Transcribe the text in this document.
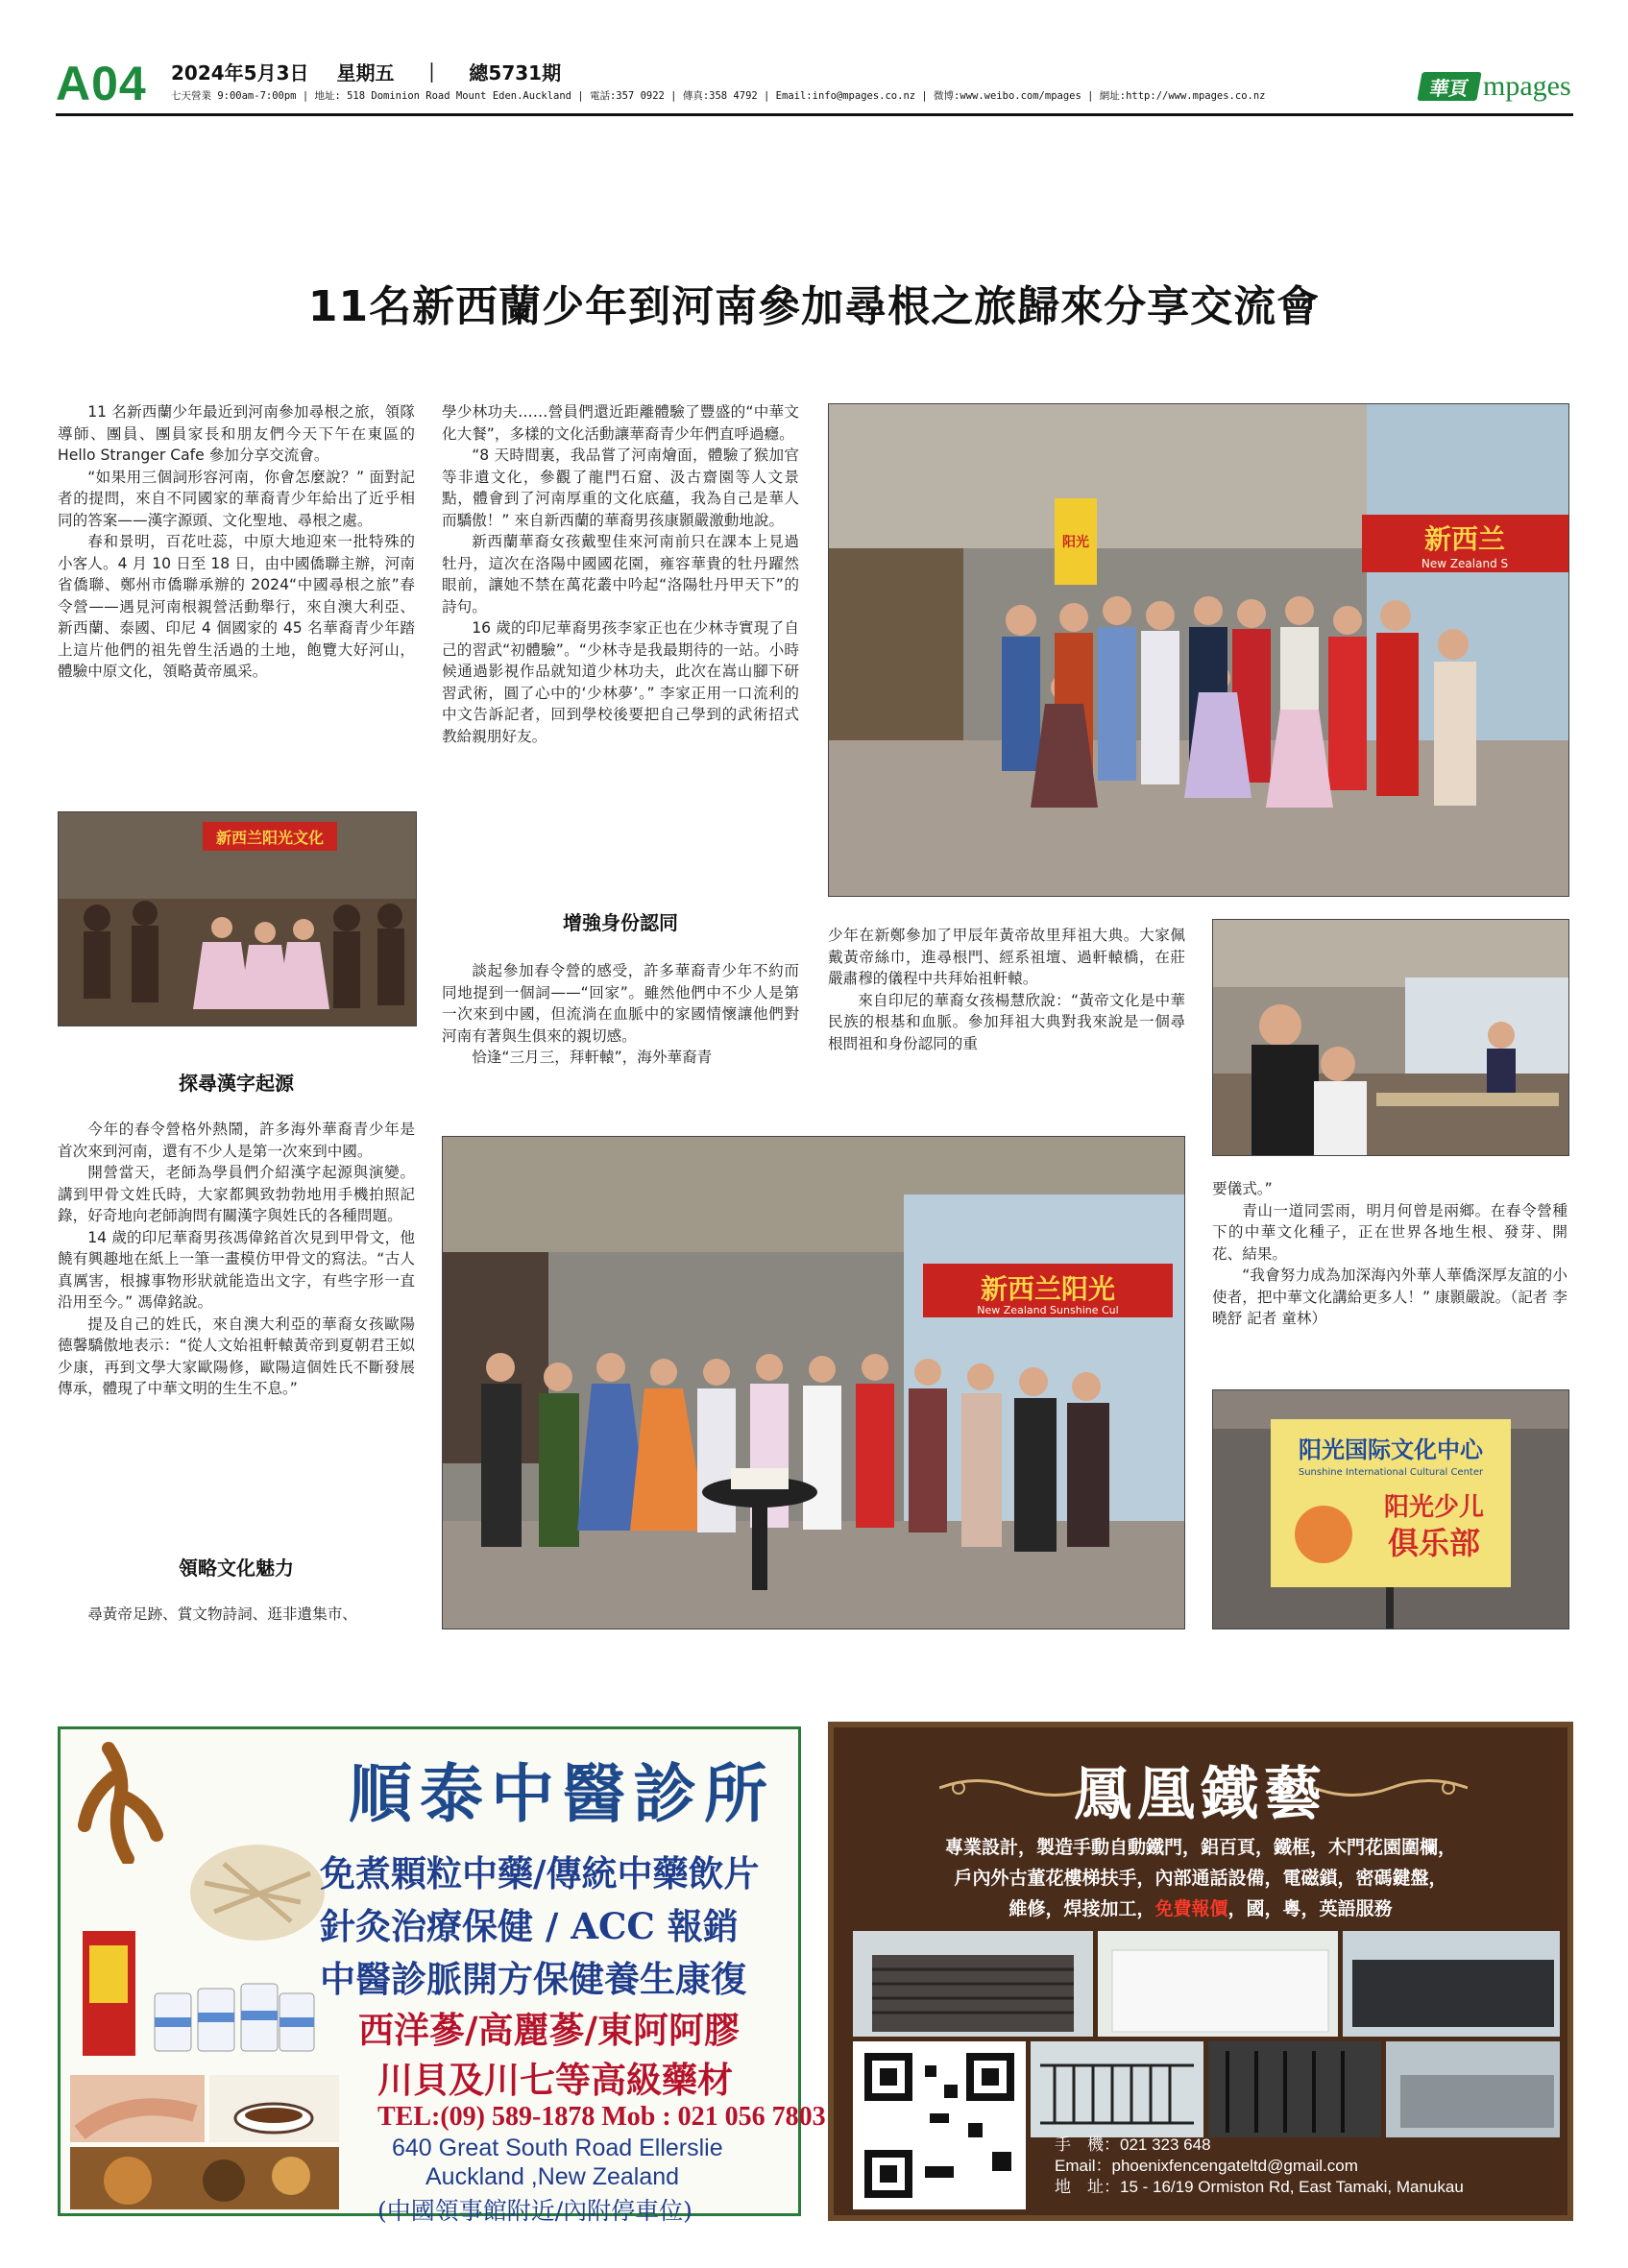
A04 2024年5月3日 星期五 ｜ 總5731期
七天營業 9:00am-7:00pm | 地址: 518 Dominion Road Mount Eden.Auckland | 電話:357 0922 | 傳真:358 4792 | Email:info@mpages.co.nz | 微博:www.weibo.com/mpages | 網址:http://www.mpages.co.nz	華頁 mpages
11名新西蘭少年到河南參加尋根之旅歸來分享交流會

11 名新西蘭少年最近到河南參加尋根之旅，領隊導師、團員、團員家長和朋友們今天下午在東區的 Hello Stranger Cafe 參加分享交流會。

“如果用三個詞形容河南，你會怎麼說？” 面對記者的提問，來自不同國家的華裔青少年給出了近乎相同的答案——漢字源頭、文化聖地、尋根之處。

春和景明，百花吐蕊，中原大地迎來一批特殊的小客人。4 月 10 日至 18 日，由中國僑聯主辦，河南省僑聯、鄭州市僑聯承辦的 2024“中國尋根之旅”春令營——遇見河南根親營活動舉行，來自澳大利亞、新西蘭、泰國、印尼 4 個國家的 45 名華裔青少年踏上這片他們的祖先曾生活過的土地，飽覽大好河山，體驗中原文化，領略黃帝風采。

新西兰阳光文化
探尋漢字起源

今年的春令營格外熱鬧，許多海外華裔青少年是首次來到河南，還有不少人是第一次來到中國。

開營當天，老師為學員們介紹漢字起源與演變。講到甲骨文姓氏時，大家都興致勃勃地用手機拍照記錄，好奇地向老師詢問有關漢字與姓氏的各種問題。

14 歲的印尼華裔男孩馮偉銘首次見到甲骨文，他饒有興趣地在紙上一筆一畫模仿甲骨文的寫法。“古人真厲害，根據事物形狀就能造出文字，有些字形一直沿用至今。” 馮偉銘說。

提及自己的姓氏，來自澳大利亞的華裔女孩歐陽德馨驕傲地表示：“從人文始祖軒轅黃帝到夏朝君王姒少康，再到文學大家歐陽修，歐陽這個姓氏不斷發展傳承，體現了中華文明的生生不息。”

領略文化魅力

尋黃帝足跡、賞文物詩詞、逛非遺集市、

學少林功夫……營員們還近距離體驗了豐盛的“中華文化大餐”，多樣的文化活動讓華裔青少年們直呼過癮。

“8 天時間裏，我品嘗了河南燴面，體驗了猴加官等非遺文化，參觀了龍門石窟、汲古齋園等人文景點，體會到了河南厚重的文化底蘊，我為自己是華人而驕傲！” 來自新西蘭的華裔男孩康顥嚴激動地說。

新西蘭華裔女孩戴聖佳來河南前只在課本上見過牡丹，這次在洛陽中國國花園，雍容華貴的牡丹躍然眼前，讓她不禁在萬花叢中吟起“洛陽牡丹甲天下”的詩句。

16 歲的印尼華裔男孩李家正也在少林寺實現了自己的習武“初體驗”。“少林寺是我最期待的一站。小時候通過影視作品就知道少林功夫，此次在嵩山腳下研習武術，圓了心中的‘少林夢’。” 李家正用一口流利的中文告訴記者，回到學校後要把自己學到的武術招式教給親朋好友。

增強身份認同

談起參加春令營的感受，許多華裔青少年不約而同地提到一個詞——“回家”。雖然他們中不少人是第一次來到中國，但流淌在血脈中的家國情懷讓他們對河南有著與生俱來的親切感。

恰逢“三月三，拜軒轅”，海外華裔青

新西兰
New Zealand S
阳光

少年在新鄭參加了甲辰年黃帝故里拜祖大典。大家佩戴黃帝絲巾，進尋根門、經系祖壇、過軒轅橋，在莊嚴肅穆的儀程中共拜始祖軒轅。

來自印尼的華裔女孩楊慧欣說：“黃帝文化是中華民族的根基和血脈。參加拜祖大典對我來說是一個尋根問祖和身份認同的重

新西兰阳光
New Zealand Sunshine Cul

要儀式。”

青山一道同雲雨，明月何曾是兩鄉。在春令營種下的中華文化種子，正在世界各地生根、發芽、開花、結果。

“我會努力成為加深海內外華人華僑深厚友誼的小使者，把中華文化講給更多人！” 康顥嚴說。（記者 李曉舒 記者 童林）

阳光国际文化中心
Sunshine International Cultural Center
阳光少儿
俱乐部
順泰中醫診所
免煮顆粒中藥/傳統中藥飲片
針灸治療保健 / ACC 報銷
中醫診脈開方保健養生康復
西洋蔘/高麗蔘/東阿阿膠
川貝及川七等高級藥材
TEL:(09) 589-1878 Mob : 021 056 7803
640 Great South Road Ellerslie
Auckland ,New Zealand
(中國領事館附近/內附停車位)
鳳凰鐵藝
專業設計，製造手動自動鐵門，鋁百頁，鐵框，木門花園圍欄，
戶內外古董花樓梯扶手，內部通話設備，電磁鎖，密碼鍵盤，
維修，焊接加工，免費報價，國，粵，英語服務
手　機：021 323 648
Email：phoenixfencengateltd@gmail.com
地　址：15 - 16/19 Ormiston Rd, East Tamaki, Manukau
